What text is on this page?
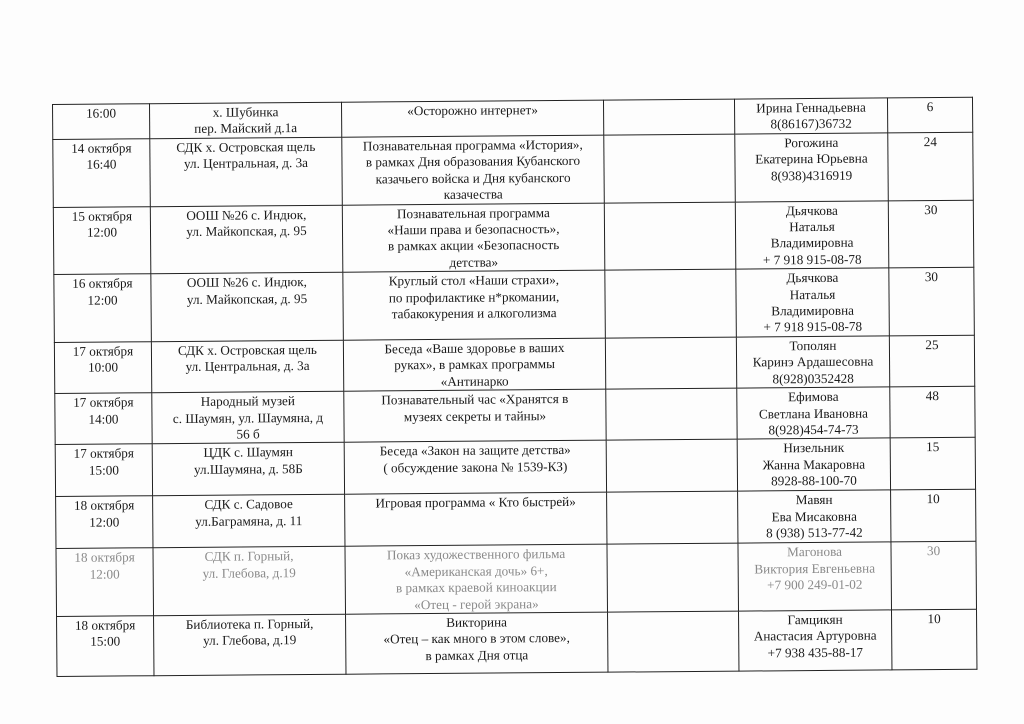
16:00	х. Шубинка
пер. Майский д.1а	«Осторожно интернет»		Ирина Геннадьевна
8(86167)36732	6

14 октября
16:40	СДК х. Островская щель
ул. Центральная, д. 3а	Познавательная программа «История»,
в рамках Дня образования Кубанского
казачьего войска и Дня кубанского
казачества		Рогожина
Екатерина Юрьевна
8(938)4316919	24

15 октября
12:00	ООШ №26 с. Индюк,
ул. Майкопская, д. 95	Познавательная программа
«Наши права и безопасность»,
в рамках акции «Безопасность
детства»		Дьячкова
Наталья
Владимировна
+ 7 918 915-08-78	30

16 октября
12:00	ООШ №26 с. Индюк,
ул. Майкопская, д. 95	Круглый стол «Наши страхи»,
по профилактике н*ркомании,
табакокурения и алкоголизма		Дьячкова
Наталья
Владимировна
+ 7 918 915-08-78	30

17 октября
10:00	СДК х. Островская щель
ул. Центральная, д. 3а	Беседа «Ваше здоровье в ваших
руках», в рамках программы
«Антинарко		Тополян
Каринэ Ардашесовна
8(928)0352428	25

17 октября
14:00	Народный музей
с. Шаумян, ул. Шаумяна, д
56 б	Познавательный час «Хранятся в
музеях секреты и тайны»		Ефимова
Светлана Ивановна
8(928)454-74-73	48

17 октября
15:00	ЦДК с. Шаумян
ул.Шаумяна, д. 58Б	Беседа «Закон на защите детства»
( обсуждение закона № 1539-КЗ)		Низельник
Жанна Макаровна
8928-88-100-70	15

18 октября
12:00	СДК с. Садовое
ул.Баграмяна, д. 11	Игровая программа « Кто быстрей»		Мавян
Ева Мисаковна
8 (938) 513-77-42	10

18 октября
12:00	СДК п. Горный,
ул. Глебова, д.19	Показ художественного фильма
«Американская дочь» 6+,
в рамках краевой киноакции
«Отец - герой экрана»		Магонова
Виктория Евгеньевна
+7 900 249-01-02	30

18 октября
15:00	Библиотека п. Горный,
ул. Глебова, д.19	Викторина
«Отец – как много в этом слове»,
в рамках Дня отца		Гамцикян
Анастасия Артуровна
+7 938 435-88-17	10
